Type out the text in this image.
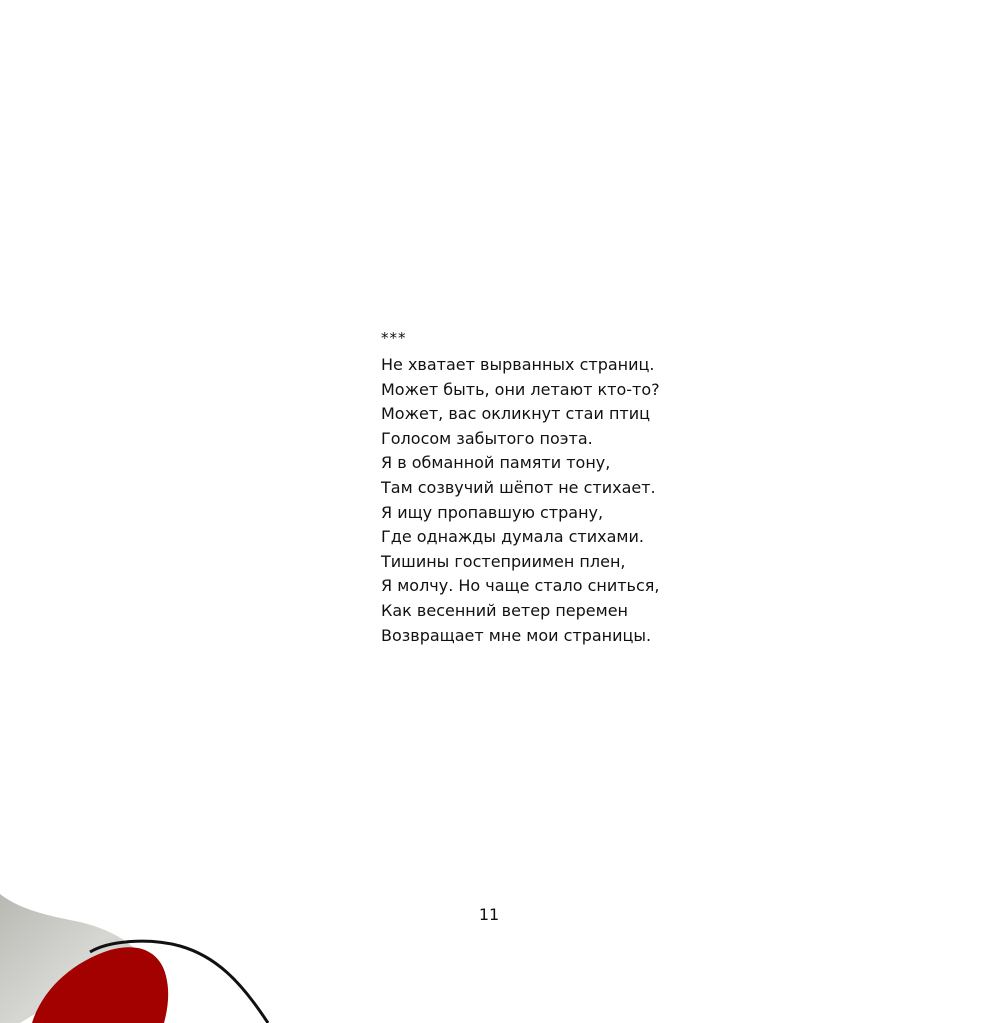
***
Не хватает вырванных страниц.
Может быть, они летают кто-то?
Может, вас окликнут стаи птиц
Голосом забытого поэта.
Я в обманной памяти тону,
Там созвучий шёпот не стихает.
Я ищу пропавшую страну,
Где однажды думала стихами.
Тишины гостеприимен плен,
Я молчу. Но чаще стало сниться,
Как весенний ветер перемен
Возвращает мне мои страницы.
11
